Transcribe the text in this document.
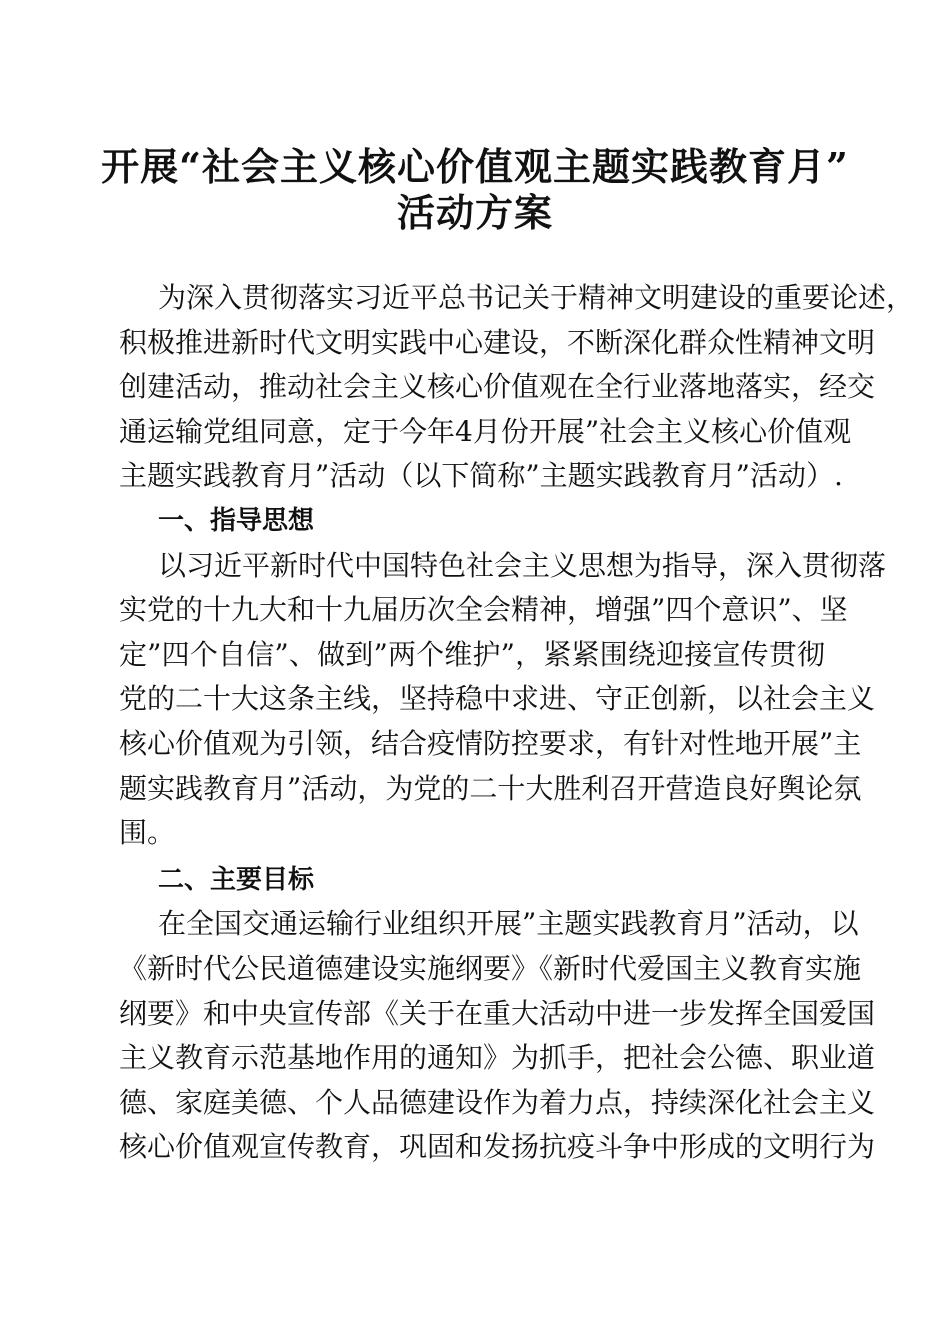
开展“社会主义核心价值观主题实践教育月”
活动方案
为深入贯彻落实习近平总书记关于精神文明建设的重要论述，
积极推进新时代文明实践中心建设，不断深化群众性精神文明
创建活动，推动社会主义核心价值观在全行业落地落实，经交
通运输党组同意，定于今年4月份开展”社会主义核心价值观
主题实践教育月”活动（以下简称”主题实践教育月”活动）.
一、指导思想
以习近平新时代中国特色社会主义思想为指导，深入贯彻落
实党的十九大和十九届历次全会精神，增强”四个意识”、坚
定”四个自信”、做到”两个维护”，紧紧围绕迎接宣传贯彻
党的二十大这条主线，坚持稳中求进、守正创新，以社会主义
核心价值观为引领，结合疫情防控要求，有针对性地开展”主
题实践教育月”活动，为党的二十大胜利召开营造良好舆论氛
围。
二、主要目标
在全国交通运输行业组织开展”主题实践教育月”活动，以
《新时代公民道德建设实施纲要》《新时代爱国主义教育实施
纲要》和中央宣传部《关于在重大活动中进一步发挥全国爱国
主义教育示范基地作用的通知》为抓手，把社会公德、职业道
德、家庭美德、个人品德建设作为着力点，持续深化社会主义
核心价值观宣传教育，巩固和发扬抗疫斗争中形成的文明行为
